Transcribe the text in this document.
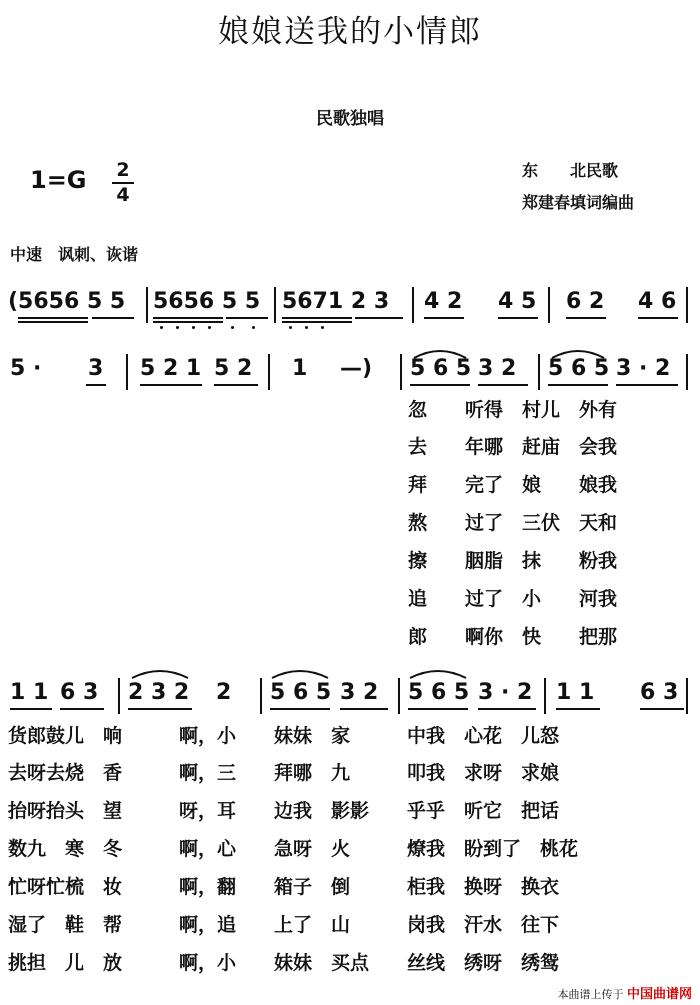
娘娘送我的小情郎
民歌独唱
1=G 2
4
东　　北民歌
郑建春填词编曲
中速　讽刺、诙谐
(5656 5 5 5656 5 5 5671 2 3 4 2 4 5 6 2 4 6
5 · 3 5 2 1 5 2 1 —) 5 6 5 3 2 5 6 5 3 · 2
忽　　听得　村儿　外有
去　　年哪　赶庙　会我
拜　　完了　娘　　娘我
熬　　过了　三伏　天和
擦　　胭脂　抹　　粉我
追　　过了　小　　河我
郎　　啊你　快　　把那
1 1 6 3 2 3 2 2 5 6 5 3 2 5 6 5 3 · 2 1 1 6 3
货郎鼓儿　响　　　啊，小　　妹妹　家　　　中我　心花　儿怒
去呀去烧　香　　　啊，三　　拜哪　九　　　叩我　求呀　求娘
抬呀抬头　望　　　呀，耳　　边我　影影　　乎乎　听它　把话
数九　寒　冬　　　啊，心　　急呀　火　　　燎我　盼到了　桃花
忙呀忙梳　妆　　　啊，翻　　箱子　倒　　　柜我　换呀　换衣
湿了　鞋　帮　　　啊，追　　上了　山　　　岗我　汗水　往下
挑担　儿　放　　　啊，小　　妹妹　买点　　丝线　绣呀　绣鸳
本曲谱上传于 中国曲谱网
